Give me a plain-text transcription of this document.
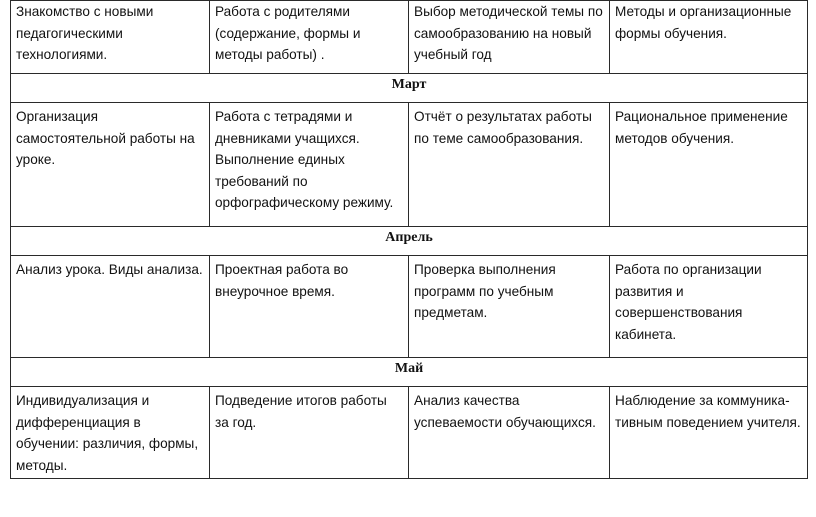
Знакомство с новыми педагогическими технологиями.	Работа с родителями (содержание, формы и методы работы) .	Выбор методической темы по самообразованию на новый учебный год	Методы и организационные формы обучения.
Март			
Организация самостоятельной работы на уроке.	Работа с тетрадями и дневниками учащихся. Выполнение единых требований по орфографическому режиму.	Отчёт о результатах работы по теме самообразования.	Рациональное применение методов обучения.
Апрель			
Анализ урока. Виды анализа.	Проектная работа во внеурочное время.	Проверка выполнения программ по учебным предметам.	Работа по организации развития и совершенствования кабинета.
Май			
Индивидуализация и дифференциация в обучении: различия, формы, методы.	Подведение итогов работы за год.	Анализ качества успеваемости обучающихся.	Наблюдение за коммуника-тивным поведением учителя.
